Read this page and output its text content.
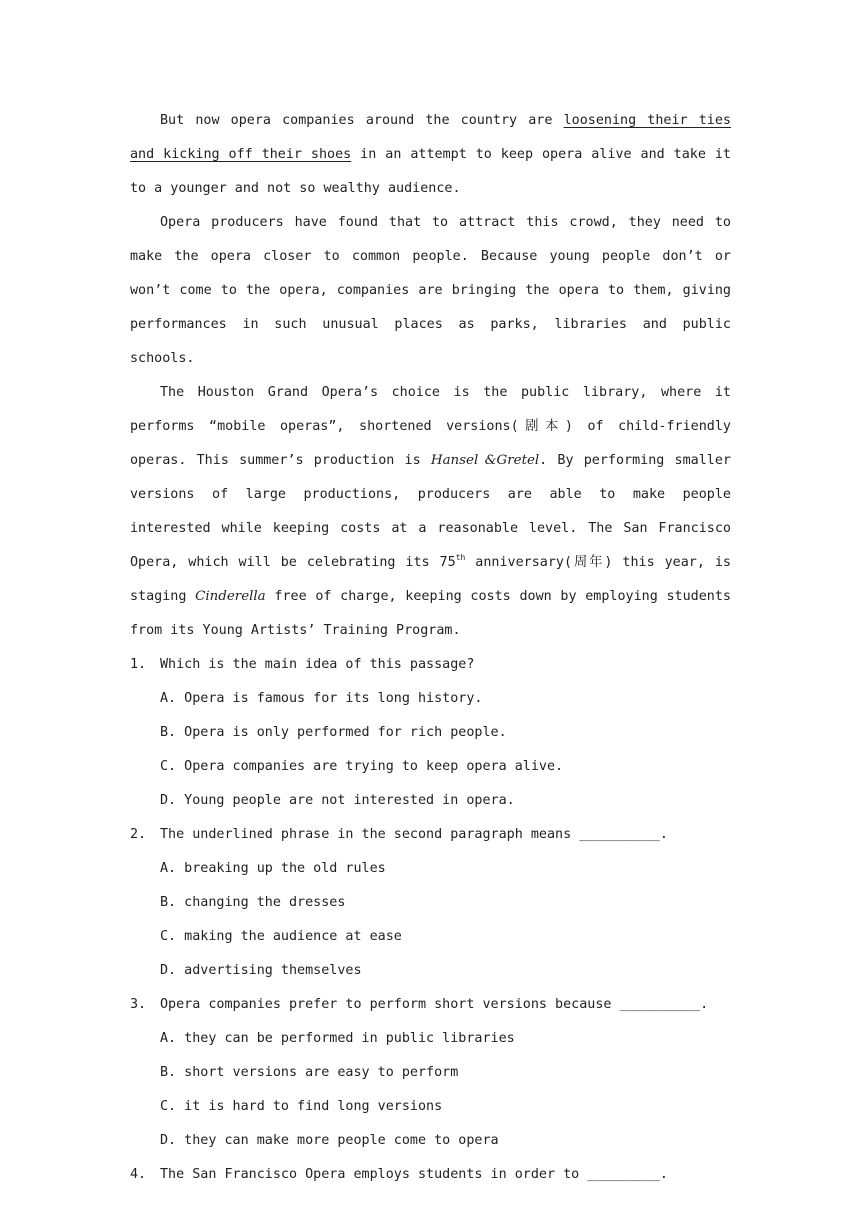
But now opera companies around the country are loosening their ties and kicking off their shoes in an attempt to keep opera alive and take it to a younger and not so wealthy audience.

Opera producers have found that to attract this crowd, they need to make the opera closer to common people. Because young people don’t or won’t come to the opera, companies are bringing the opera to them, giving performances in such unusual places as parks, libraries and public schools.

The Houston Grand Opera’s choice is the public library, where it performs “mobile operas”, shortened versions(剧本) of child-friendly operas. This summer’s production is Hansel &Gretel. By performing smaller versions of large productions, producers are able to make people interested while keeping costs at a reasonable level. The San Francisco Opera, which will be celebrating its 75th anniversary(周年) this year, is staging Cinderella free of charge, keeping costs down by employing students from its Young Artists’ Training Program.

1.	Which is the main idea of this passage?
A. Opera is famous for its long history.
B. Opera is only performed for rich people.
C. Opera companies are trying to keep opera alive.
D. Young people are not interested in opera.
2.	The underlined phrase in the second paragraph means __________.
A. breaking up the old rules
B. changing the dresses
C. making the audience at ease
D. advertising themselves
3.	Opera companies prefer to perform short versions because __________.
A. they can be performed in public libraries
B. short versions are easy to perform
C. it is hard to find long versions
D. they can make more people come to opera
4.	The San Francisco Opera employs students in order to _________.
